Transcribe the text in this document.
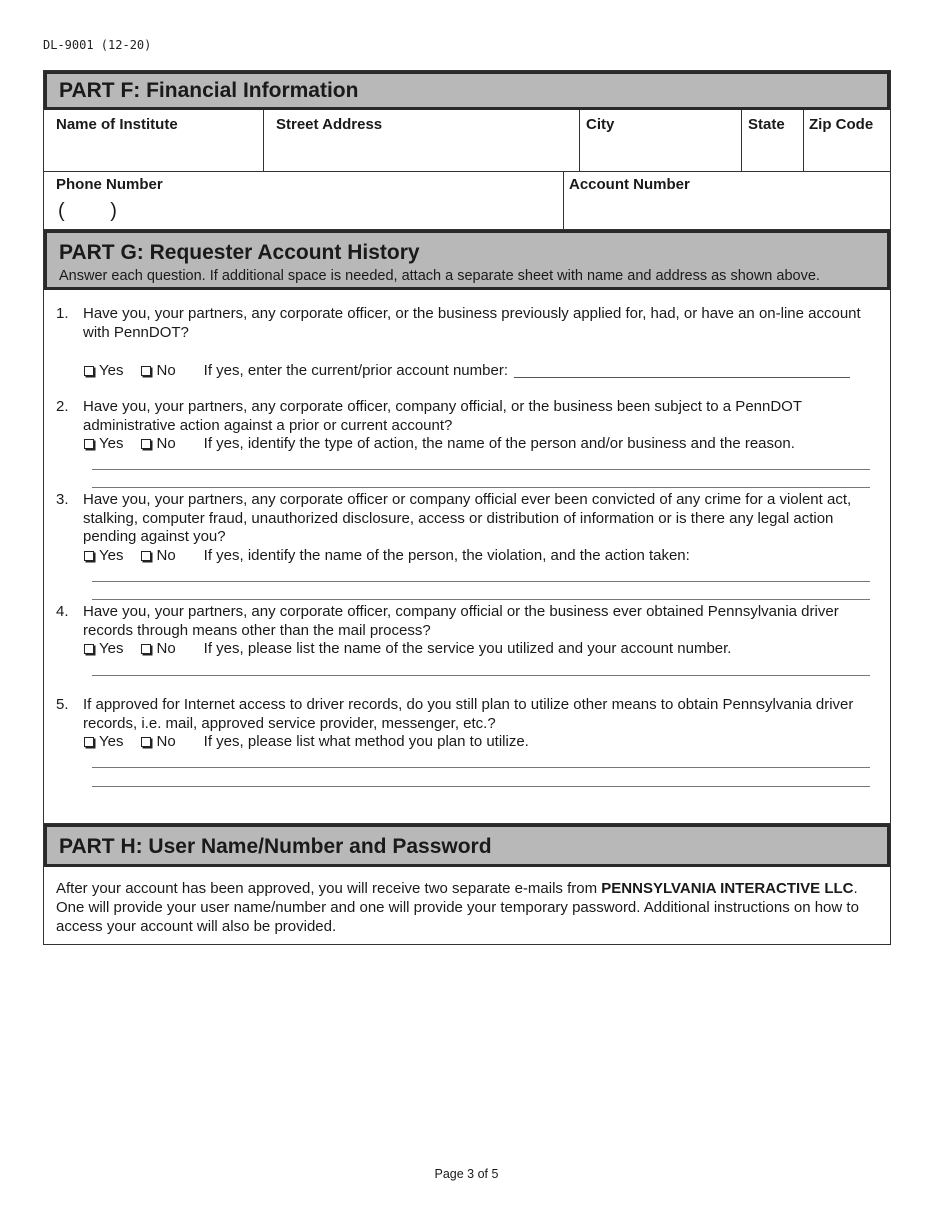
DL-9001 (12-20)
PART F: Financial Information
Name of Institute	Street Address	City	State	Zip Code
Phone Number
( )
Account Number
PART G: Requester Account History
Answer each question. If additional space is needed, attach a separate sheet with name and address as shown above.
1. Have you, your partners, any corporate officer, or the business previously applied for, had, or have an on-line account with PennDOT?
Yes No If yes, enter the current/prior account number:
2. Have you, your partners, any corporate officer, company official, or the business been subject to a PennDOT administrative action against a prior or current account?
Yes No If yes, identify the type of action, the name of the person and/or business and the reason.
3. Have you, your partners, any corporate officer or company official ever been convicted of any crime for a violent act, stalking, computer fraud, unauthorized disclosure, access or distribution of information or is there any legal action pending against you?
Yes No If yes, identify the name of the person, the violation, and the action taken:
4. Have you, your partners, any corporate officer, company official or the business ever obtained Pennsylvania driver records through means other than the mail process?
Yes No If yes, please list the name of the service you utilized and your account number.
5. If approved for Internet access to driver records, do you still plan to utilize other means to obtain Pennsylvania driver records, i.e. mail, approved service provider, messenger, etc.?
Yes No If yes, please list what method you plan to utilize.
PART H: User Name/Number and Password
After your account has been approved, you will receive two separate e-mails from PENNSYLVANIA INTERACTIVE LLC. One will provide your user name/number and one will provide your temporary password. Additional instructions on how to access your account will also be provided.
Page 3 of 5
